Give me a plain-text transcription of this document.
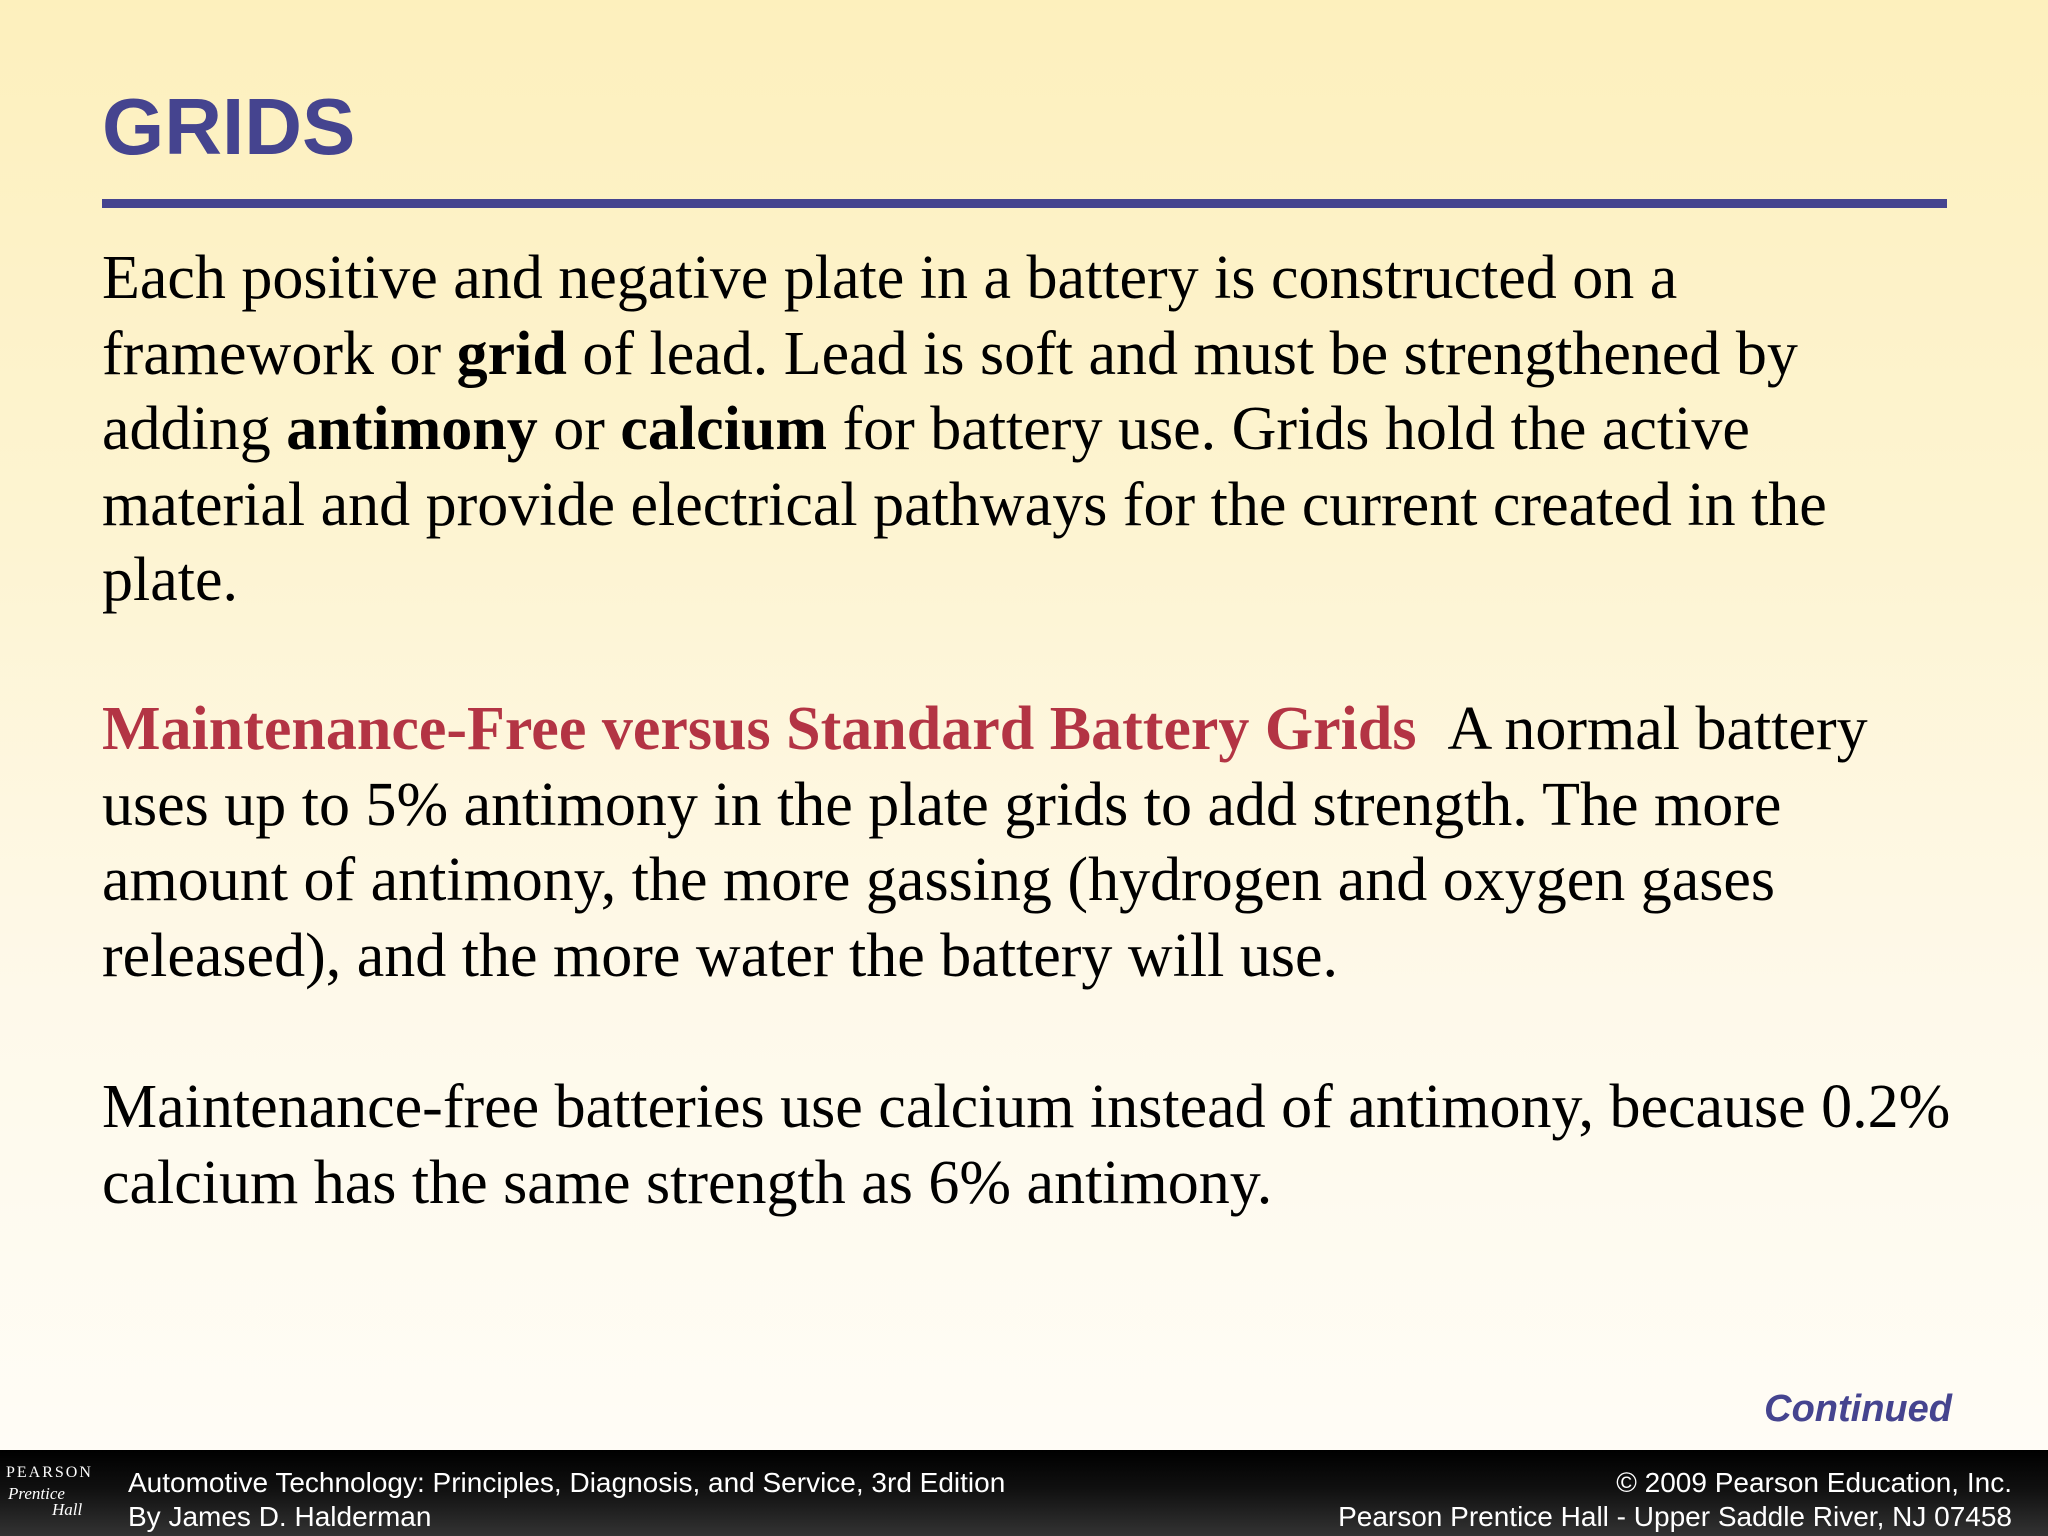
GRIDS

Each positive and negative plate in a battery is constructed on a framework or grid of lead. Lead is soft and must be strengthened by adding antimony or calcium for battery use. Grids hold the active material and provide electrical pathways for the current created in the plate.

Maintenance-Free versus Standard Battery Grids A normal battery uses up to 5% antimony in the plate grids to add strength. The more amount of antimony, the more gassing (hydrogen and oxygen gases released), and the more water the battery will use.

Maintenance-free batteries use calcium instead of antimony, because 0.2% calcium has the same strength as 6% antimony.

Continued
PEARSON
Prentice
Hall
Automotive Technology: Principles, Diagnosis, and Service, 3rd Edition
By James D. Halderman
© 2009 Pearson Education, Inc.
Pearson Prentice Hall - Upper Saddle River, NJ 07458
